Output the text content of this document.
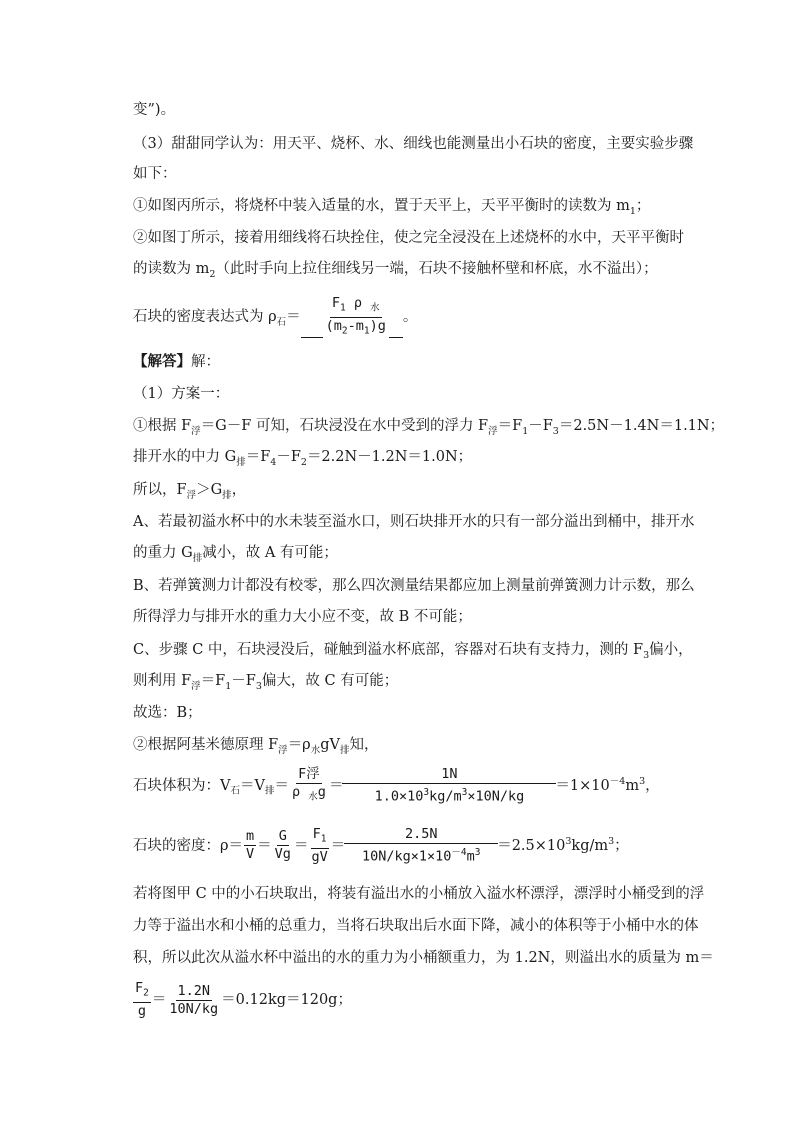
变”)。
（3）甜甜同学认为：用天平、烧杯、水、细线也能测量出小石块的密度，主要实验步骤
如下：
①如图丙所示，将烧杯中装入适量的水，置于天平上，天平平衡时的读数为 $m_1$；
②如图丁所示，接着用细线将石块拴住，使之完全浸没在上述烧杯的水中，天平平衡时
的读数为 $m_2$（此时手向上拉住细线另一端，石块不接触杯壁和杯底，水不溢出）；
石块的密度表达式为 $\rho_石= \frac{F_1 \rho _水}{(m_2-m_1)g}$ 。
【解答】解：
（1）方案一：
①根据 $F_浮=G-F$ 可知，石块浸没在水中受到的浮力 $F_浮=F_1-F_3=2.5N-1.4N=1.1N$；
排开水的中力 $G_排=F_4-F_2=2.2N-1.2N=1.0N$；
所以，$F_浮>G_排$，
A、若最初溢水杯中的水未装至溢水口，则石块排开水的只有一部分溢出到桶中，排开水
的重力 $G_排$减小，故 A 有可能；
B、若弹簧测力计都没有校零，那么四次测量结果都应加上测量前弹簧测力计示数，那么
所得浮力与排开水的重力大小应不变，故 B 不可能；
C、步骤 C 中，石块浸没后，碰触到溢水杯底部，容器对石块有支持力，测的 $F_3$偏小，
则利用 $F_浮=F_1-F_3$偏大，故 C 有可能；
故选：B；
②根据阿基米德原理 $F_浮=\rho_水gV_排$知，
石块体积为：$V_石=V_排= \frac{\text{F浮}}{\rho _水g} = \frac{1N}{1.0\times 10^3kg/m^3\times 10N/kg} =1\times 10^{-4}m^3$，
石块的密度：$\rho= \frac{m}{V} = \frac{G}{Vg} = \frac{F_1}{gV} = \frac{2.5N}{10N/kg\times 1\times 10^{-4}m^3} =2.5\times 10^3kg/m^3$；
若将图甲 C 中的小石块取出，将装有溢出水的小桶放入溢水杯漂浮，漂浮时小桶受到的浮
力等于溢出水和小桶的总重力，当将石块取出后水面下降，减小的体积等于小桶中水的体
积，所以此次从溢水杯中溢出的水的重力为小桶额重力，为 1.2N，则溢出水的质量为 m＝
$\frac{F_2}{g} = \frac{1.2N}{10N/kg} =0.12kg=120g$；
